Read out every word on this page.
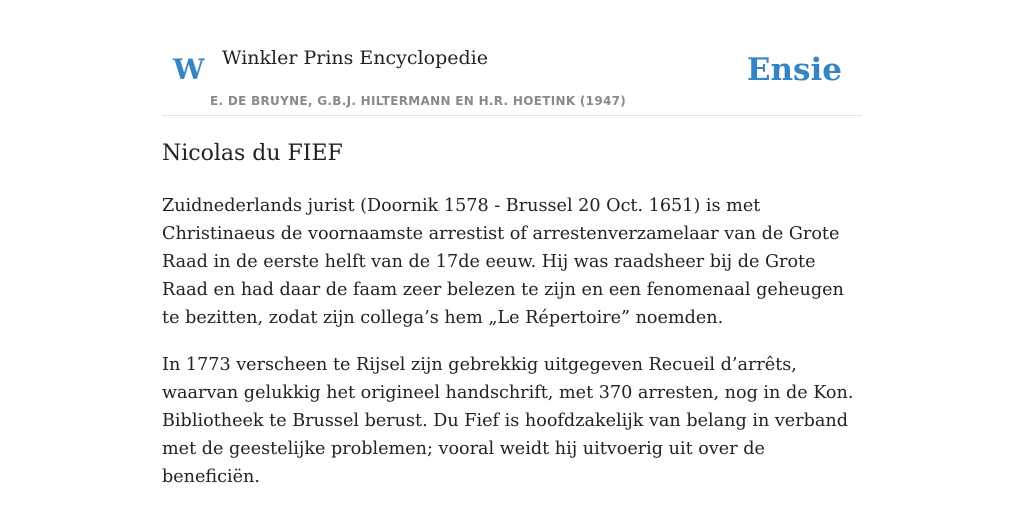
W Winkler Prins Encyclopedie
E. DE BRUYNE, G.B.J. HILTERMANN EN H.R. HOETINK (1947)
Ensie
Nicolas du FIEF

Zuidnederlands jurist (Doornik 1578 - Brussel 20 Oct. 1651) is met Christinaeus de voornaamste arrestist of arrestenverzamelaar van de Grote Raad in de eerste helft van de 17de eeuw. Hij was raadsheer bij de Grote Raad en had daar de faam zeer belezen te zijn en een fenomenaal geheugen te bezitten, zodat zijn collega’s hem „Le Répertoire” noemden.

In 1773 verscheen te Rijsel zijn gebrekkig uitgegeven Recueil d’arrêts, waarvan gelukkig het origineel handschrift, met 370 arresten, nog in de Kon. Bibliotheek te Brussel berust. Du Fief is hoofdzakelijk van belang in verband met de geestelijke problemen; vooral weidt hij uitvoerig uit over de beneficiën.
